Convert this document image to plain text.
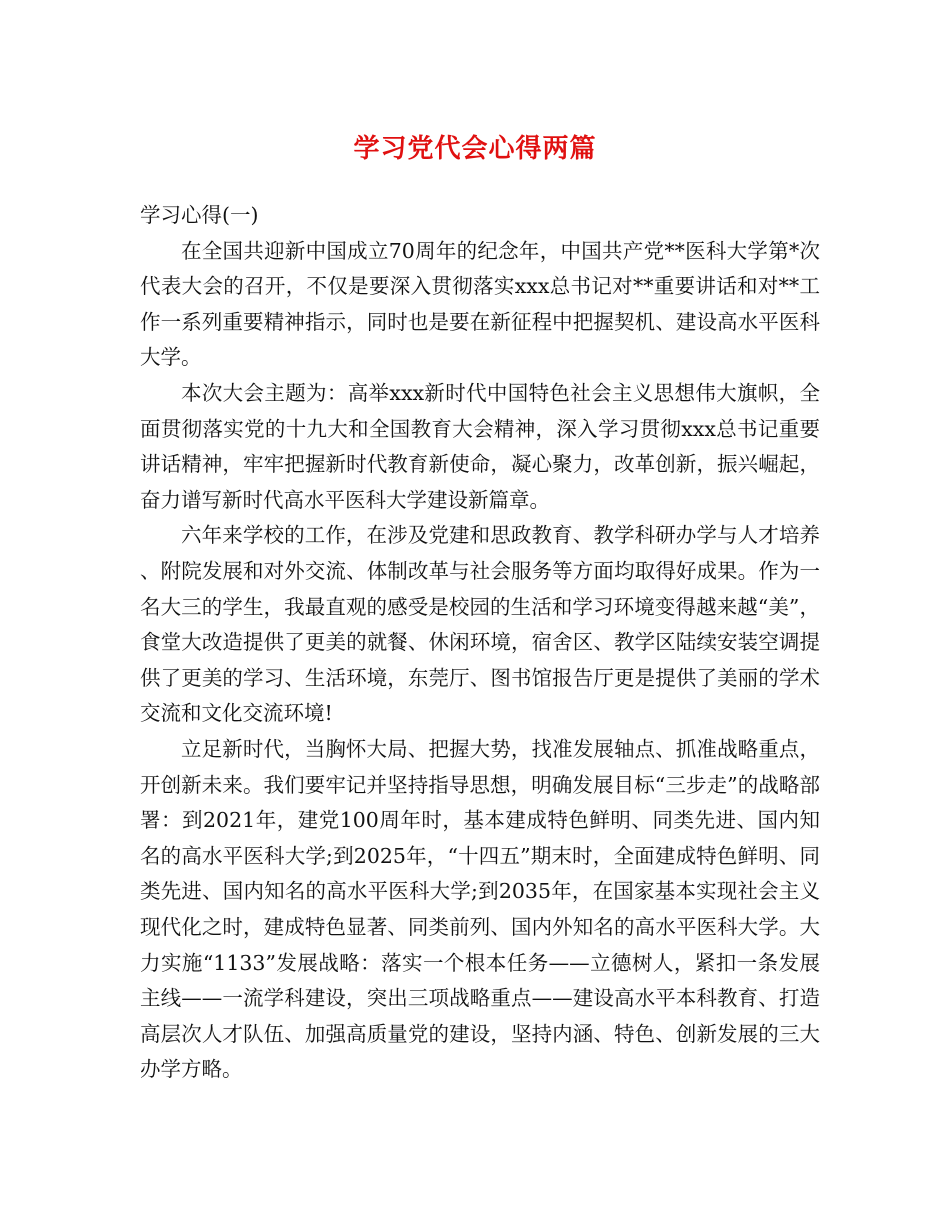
学习党代会心得两篇

学习心得(一)

在全国共迎新中国成立70周年的纪念年，中国共产党**医科大学第*次代表大会的召开，不仅是要深入贯彻落实xxx总书记对**重要讲话和对**工作一系列重要精神指示，同时也是要在新征程中把握契机、建设高水平医科大学。

本次大会主题为：高举xxx新时代中国特色社会主义思想伟大旗帜，全面贯彻落实党的十九大和全国教育大会精神，深入学习贯彻xxx总书记重要讲话精神，牢牢把握新时代教育新使命，凝心聚力，改革创新，振兴崛起，奋力谱写新时代高水平医科大学建设新篇章。

六年来学校的工作，在涉及党建和思政教育、教学科研办学与人才培养、附院发展和对外交流、体制改革与社会服务等方面均取得好成果。作为一名大三的学生，我最直观的感受是校园的生活和学习环境变得越来越“美”，食堂大改造提供了更美的就餐、休闲环境，宿舍区、教学区陆续安装空调提供了更美的学习、生活环境，东莞厅、图书馆报告厅更是提供了美丽的学术交流和文化交流环境!

立足新时代，当胸怀大局、把握大势，找准发展轴点、抓准战略重点，开创新未来。我们要牢记并坚持指导思想，明确发展目标“三步走”的战略部署：到2021年，建党100周年时，基本建成特色鲜明、同类先进、国内知名的高水平医科大学;到2025年，“十四五”期末时，全面建成特色鲜明、同类先进、国内知名的高水平医科大学;到2035年，在国家基本实现社会主义现代化之时，建成特色显著、同类前列、国内外知名的高水平医科大学。大力实施“1133”发展战略：落实一个根本任务——立德树人，紧扣一条发展主线——一流学科建设，突出三项战略重点——建设高水平本科教育、打造高层次人才队伍、加强高质量党的建设，坚持内涵、特色、创新发展的三大办学方略。
